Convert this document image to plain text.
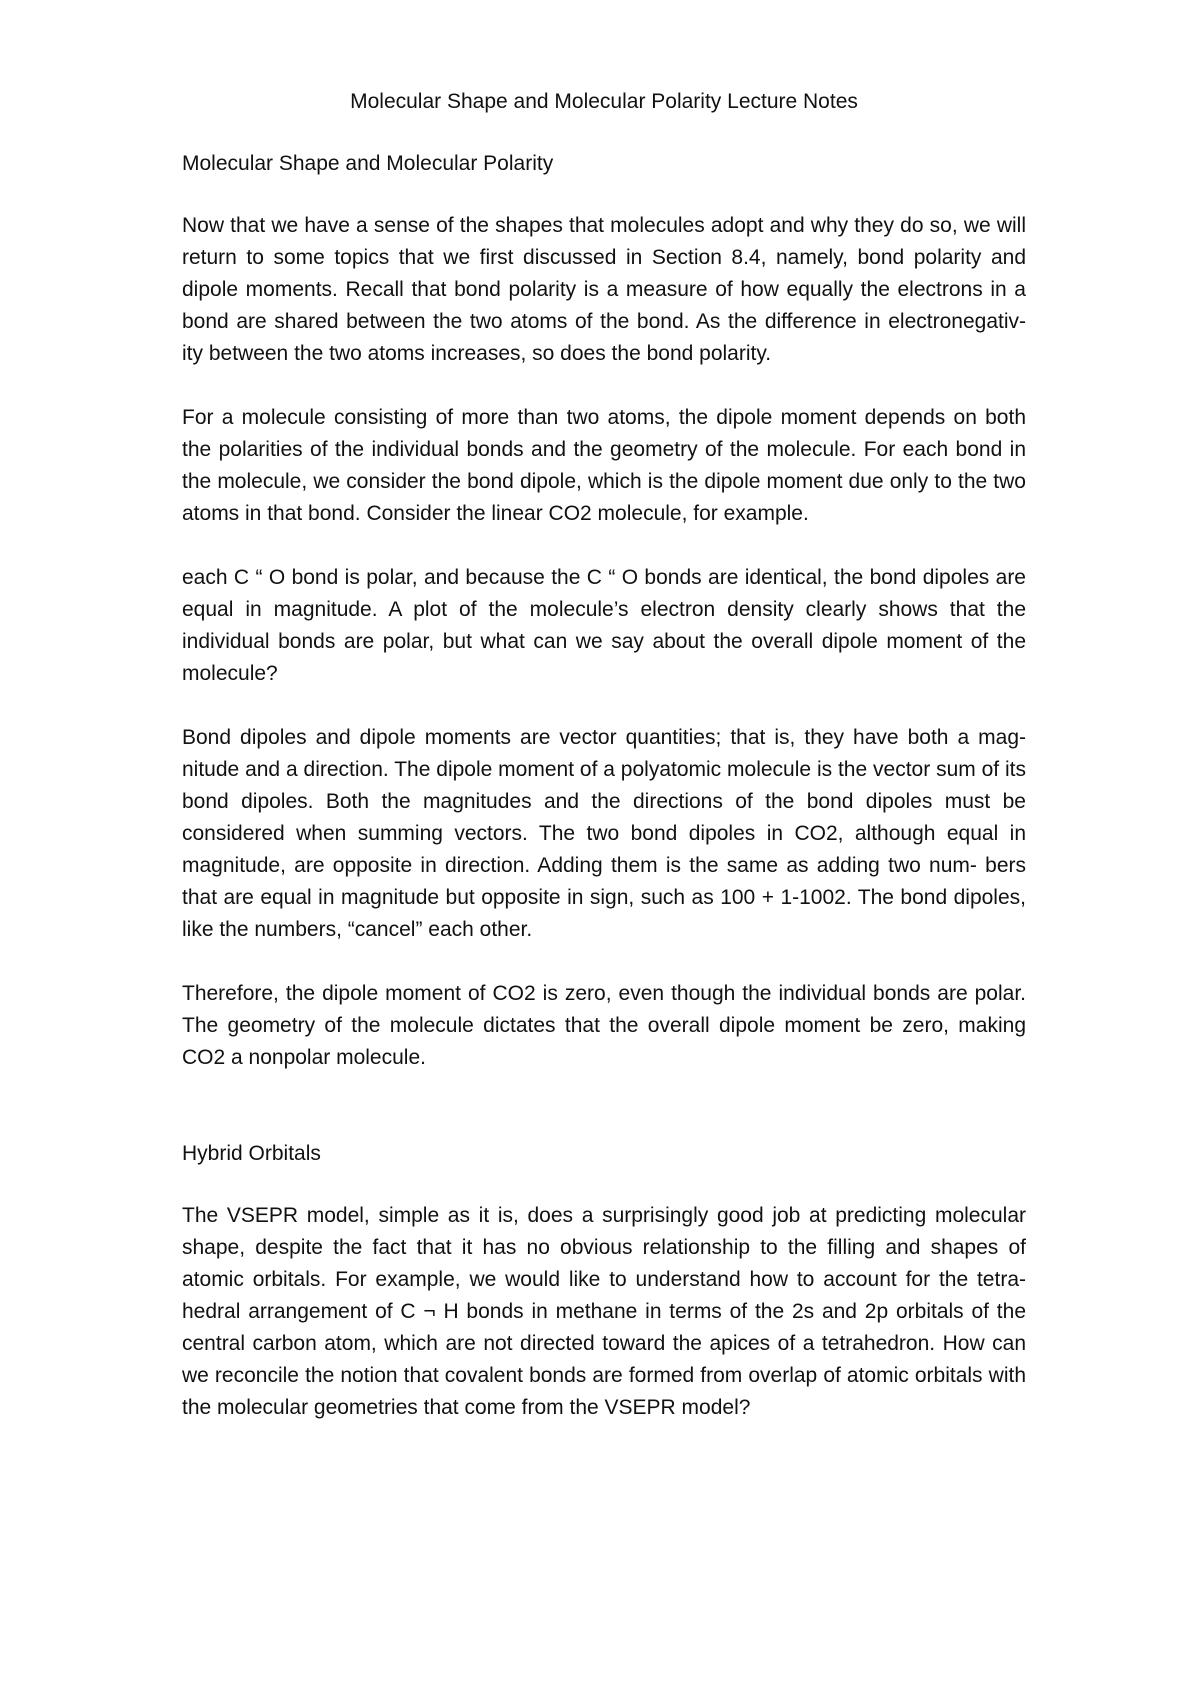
Molecular Shape and Molecular Polarity Lecture Notes
Molecular Shape and Molecular Polarity

Now that we have a sense of the shapes that molecules adopt and why they do so, we will return to some topics that we first discussed in Section 8.4, namely, bond polarity and dipole moments. Recall that bond polarity is a measure of how equally the electrons in a bond are shared between the two atoms of the bond. As the difference in electronegativ- ity between the two atoms increases, so does the bond polarity.

For a molecule consisting of more than two atoms, the dipole moment depends on both the polarities of the individual bonds and the geometry of the molecule. For each bond in the molecule, we consider the bond dipole, which is the dipole moment due only to the two atoms in that bond. Consider the linear CO2 molecule, for example.

each C “ O bond is polar, and because the C “ O bonds are identical, the bond dipoles are equal in magnitude. A plot of the molecule’s electron density clearly shows that the individual bonds are polar, but what can we say about the overall dipole moment of the molecule?

Bond dipoles and dipole moments are vector quantities; that is, they have both a mag- nitude and a direction. The dipole moment of a polyatomic molecule is the vector sum of its bond dipoles. Both the magnitudes and the directions of the bond dipoles must be considered when summing vectors. The two bond dipoles in CO2, although equal in magnitude, are opposite in direction. Adding them is the same as adding two num- bers that are equal in magnitude but opposite in sign, such as 100 + 1-1002. The bond dipoles, like the numbers, “cancel” each other.

Therefore, the dipole moment of CO2 is zero, even though the individual bonds are polar. The geometry of the molecule dictates that the overall dipole moment be zero, making CO2 a nonpolar molecule.

Hybrid Orbitals

The VSEPR model, simple as it is, does a surprisingly good job at predicting molecular shape, despite the fact that it has no obvious relationship to the filling and shapes of atomic orbitals. For example, we would like to understand how to account for the tetra- hedral arrangement of C ¬ H bonds in methane in terms of the 2s and 2p orbitals of the central carbon atom, which are not directed toward the apices of a tetrahedron. How can we reconcile the notion that covalent bonds are formed from overlap of atomic orbitals with the molecular geometries that come from the VSEPR model?
